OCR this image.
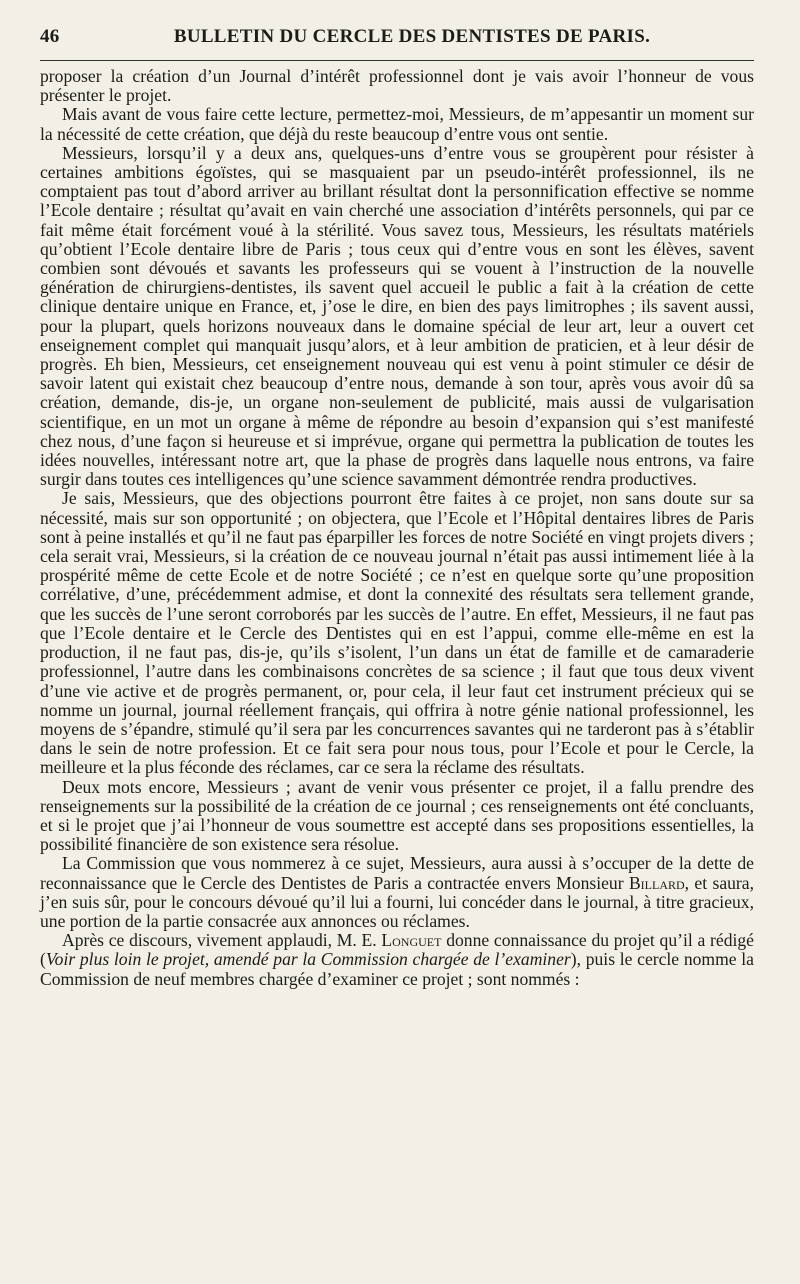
46	BULLETIN DU CERCLE DES DENTISTES DE PARIS.

proposer la création d’un Journal d’intérêt professionnel dont je vais avoir l’honneur de vous présenter le projet.

Mais avant de vous faire cette lecture, permettez-moi, Messieurs, de m’appesantir un moment sur la nécessité de cette création, que déjà du reste beaucoup d’entre vous ont sentie.

Messieurs, lorsqu’il y a deux ans, quelques-uns d’entre vous se groupèrent pour résister à certaines ambitions égoïstes, qui se masquaient par un pseudo-intérêt professionnel, ils ne comptaient pas tout d’abord arriver au brillant résultat dont la personnification effective se nomme l’Ecole dentaire ; résultat qu’avait en vain cherché une association d’intérêts personnels, qui par ce fait même était forcément voué à la stérilité. Vous savez tous, Messieurs, les résultats matériels qu’obtient l’Ecole dentaire libre de Paris ; tous ceux qui d’entre vous en sont les élèves, savent combien sont dévoués et savants les professeurs qui se vouent à l’instruction de la nouvelle génération de chirurgiens-dentistes, ils savent quel accueil le public a fait à la création de cette clinique dentaire unique en France, et, j’ose le dire, en bien des pays limitrophes ; ils savent aussi, pour la plupart, quels horizons nouveaux dans le domaine spécial de leur art, leur a ouvert cet enseignement complet qui manquait jusqu’alors, et à leur ambition de praticien, et à leur désir de progrès. Eh bien, Messieurs, cet enseignement nouveau qui est venu à point stimuler ce désir de savoir latent qui existait chez beaucoup d’entre nous, demande à son tour, après vous avoir dû sa création, demande, dis-je, un organe non-seulement de publicité, mais aussi de vulgarisation scientifique, en un mot un organe à même de répondre au besoin d’expansion qui s’est manifesté chez nous, d’une façon si heureuse et si imprévue, organe qui permettra la publication de toutes les idées nouvelles, intéressant notre art, que la phase de progrès dans laquelle nous entrons, va faire surgir dans toutes ces intelligences qu’une science savamment démontrée rendra productives.

Je sais, Messieurs, que des objections pourront être faites à ce projet, non sans doute sur sa nécessité, mais sur son opportunité ; on objectera, que l’Ecole et l’Hôpital dentaires libres de Paris sont à peine installés et qu’il ne faut pas éparpiller les forces de notre Société en vingt projets divers ; cela serait vrai, Messieurs, si la création de ce nouveau journal n’était pas aussi intimement liée à la prospérité même de cette Ecole et de notre Société ; ce n’est en quelque sorte qu’une proposition corrélative, d’une, précédemment admise, et dont la connexité des résultats sera tellement grande, que les succès de l’une seront corroborés par les succès de l’autre. En effet, Messieurs, il ne faut pas que l’Ecole dentaire et le Cercle des Dentistes qui en est l’appui, comme elle-même en est la production, il ne faut pas, dis-je, qu’ils s’isolent, l’un dans un état de famille et de camaraderie professionnel, l’autre dans les combinaisons concrètes de sa science ; il faut que tous deux vivent d’une vie active et de progrès permanent, or, pour cela, il leur faut cet instrument précieux qui se nomme un journal, journal réellement français, qui offrira à notre génie national professionnel, les moyens de s’épandre, stimulé qu’il sera par les concurrences savantes qui ne tarderont pas à s’établir dans le sein de notre profession. Et ce fait sera pour nous tous, pour l’Ecole et pour le Cercle, la meilleure et la plus féconde des réclames, car ce sera la réclame des résultats.

Deux mots encore, Messieurs ; avant de venir vous présenter ce projet, il a fallu prendre des renseignements sur la possibilité de la création de ce journal ; ces renseignements ont été concluants, et si le projet que j’ai l’honneur de vous soumettre est accepté dans ses propositions essentielles, la possibilité financière de son existence sera résolue.

La Commission que vous nommerez à ce sujet, Messieurs, aura aussi à s’occuper de la dette de reconnaissance que le Cercle des Dentistes de Paris a contractée envers Monsieur Billard, et saura, j’en suis sûr, pour le concours dévoué qu’il lui a fourni, lui concéder dans le journal, à titre gracieux, une portion de la partie consacrée aux annonces ou réclames.

Après ce discours, vivement applaudi, M. E. Longuet donne connaissance du projet qu’il a rédigé (Voir plus loin le projet, amendé par la Commission chargée de l’examiner), puis le cercle nomme la Commission de neuf membres chargée d’examiner ce projet ; sont nommés :
